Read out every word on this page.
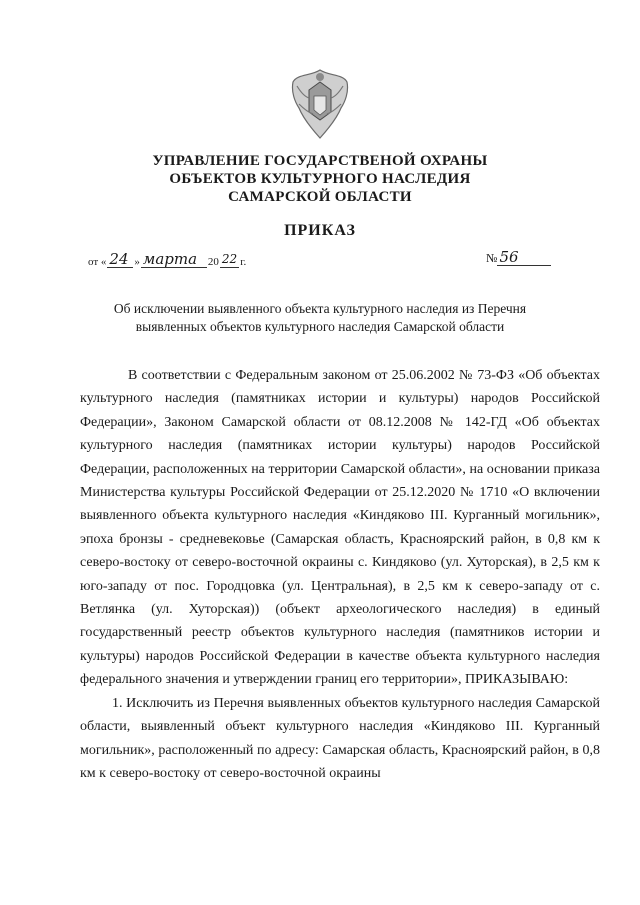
УПРАВЛЕНИЕ ГОСУДАРСТВЕНОЙ ОХРАНЫ
ОБЪЕКТОВ КУЛЬТУРНОГО НАСЛЕДИЯ
САМАРСКОЙ ОБЛАСТИ
ПРИКАЗ
от « 24 » марта 20 22 г.	№ 56
Об исключении выявленного объекта культурного наследия из Перечня выявленных объектов культурного наследия Самарской области

В соответствии с Федеральным законом от 25.06.2002 № 73-ФЗ «Об объектах культурного наследия (памятниках истории и культуры) народов Российской Федерации», Законом Самарской области от 08.12.2008 № 142-ГД «Об объектах культурного наследия (памятниках истории культуры) народов Российской Федерации, расположенных на территории Самарской области», на основании приказа Министерства культуры Российской Федерации от 25.12.2020 № 1710 «О включении выявленного объекта культурного наследия «Киндяково III. Курганный могильник», эпоха бронзы - средневековье (Самарская область, Красноярский район, в 0,8 км к северо-востоку от северо-восточной окраины с. Киндяково (ул. Хуторская), в 2,5 км к юго-западу от пос. Городцовка (ул. Центральная), в 2,5 км к северо-западу от с. Ветлянка (ул. Хуторская)) (объект археологического наследия) в единый государственный реестр объектов культурного наследия (памятников истории и культуры) народов Российской Федерации в качестве объекта культурного наследия федерального значения и утверждении границ его территории», ПРИКАЗЫВАЮ:

1. Исключить из Перечня выявленных объектов культурного наследия Самарской области, выявленный объект культурного наследия «Киндяково III. Курганный могильник», расположенный по адресу: Самарская область, Красноярский район, в 0,8 км к северо-востоку от северо-восточной окраины
